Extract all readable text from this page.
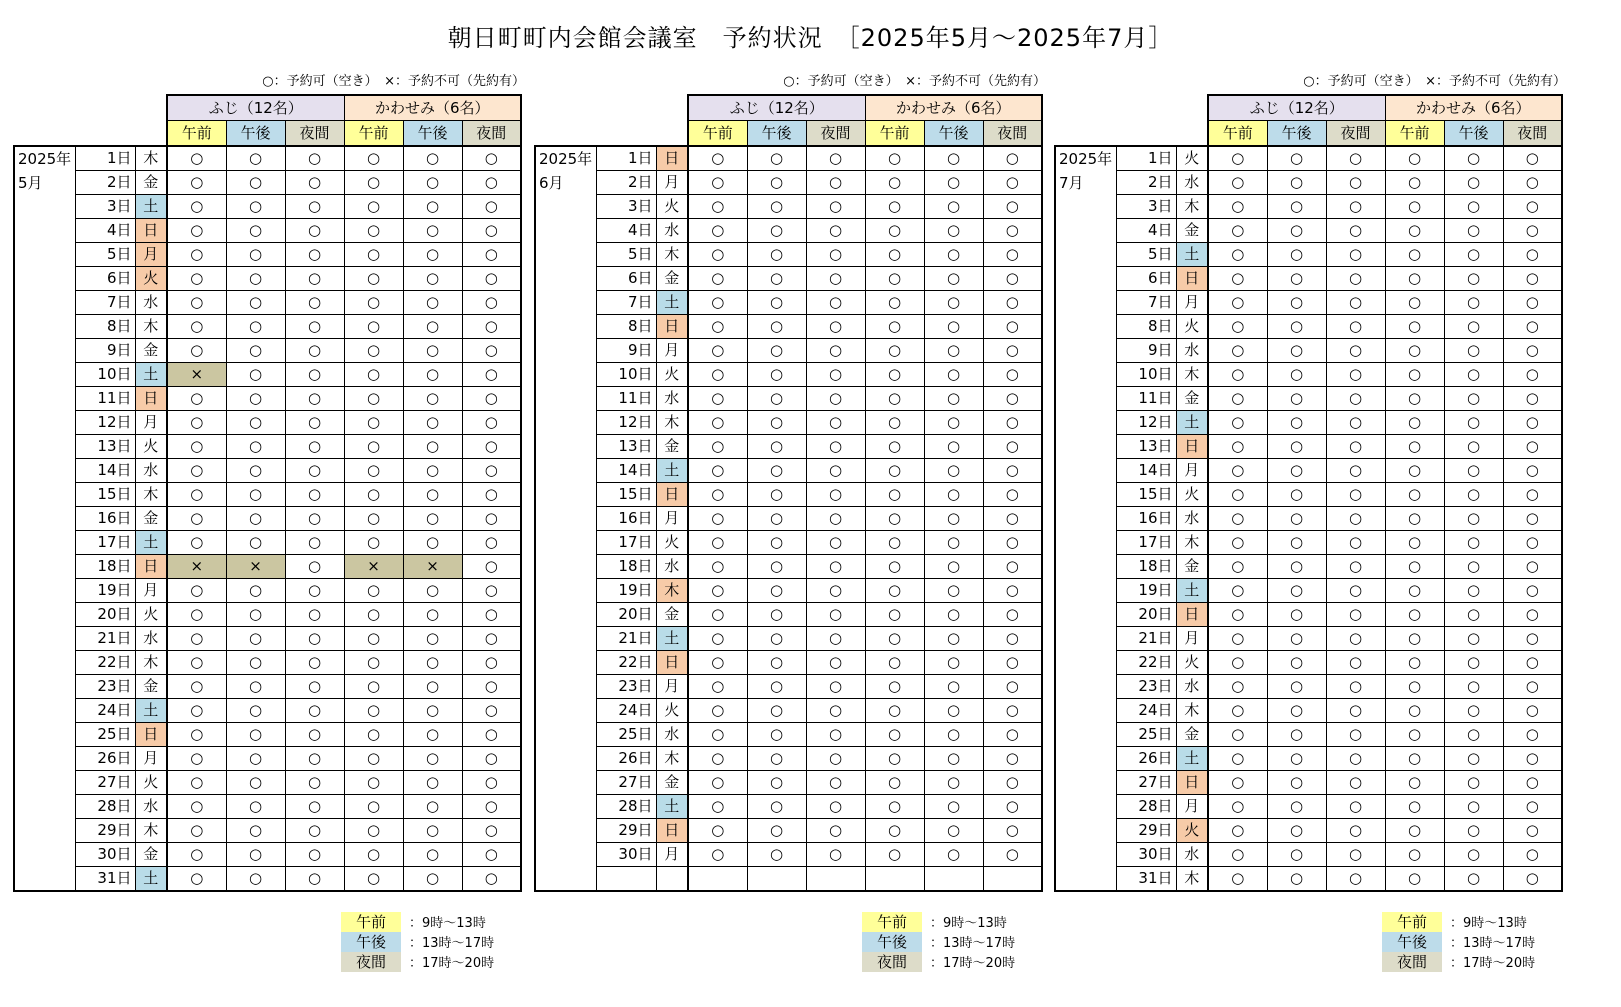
朝日町町内会館会議室　予約状況　［2025年5月～2025年7月］
○：予約可（空き）　×：予約不可（先約有）
			ふじ（12名）			かわせみ（6名）		
			午前	午後	夜間	午前	午後	夜間

2025年
5月	1日	木	○	○	○	○	○	○
	2日	金	○	○	○	○	○	○
	3日	土	○	○	○	○	○	○
	4日	日	○	○	○	○	○	○
	5日	月	○	○	○	○	○	○
	6日	火	○	○	○	○	○	○
	7日	水	○	○	○	○	○	○
	8日	木	○	○	○	○	○	○
	9日	金	○	○	○	○	○	○
	10日	土	×	○	○	○	○	○
	11日	日	○	○	○	○	○	○
	12日	月	○	○	○	○	○	○
	13日	火	○	○	○	○	○	○
	14日	水	○	○	○	○	○	○
	15日	木	○	○	○	○	○	○
	16日	金	○	○	○	○	○	○
	17日	土	○	○	○	○	○	○
	18日	日	×	×	○	×	×	○
	19日	月	○	○	○	○	○	○
	20日	火	○	○	○	○	○	○
	21日	水	○	○	○	○	○	○
	22日	木	○	○	○	○	○	○
	23日	金	○	○	○	○	○	○
	24日	土	○	○	○	○	○	○
	25日	日	○	○	○	○	○	○
	26日	月	○	○	○	○	○	○
	27日	火	○	○	○	○	○	○
	28日	水	○	○	○	○	○	○
	29日	木	○	○	○	○	○	○
	30日	金	○	○	○	○	○	○
	31日	土	○	○	○	○	○	○
午前 ：9時～13時
午後 ：13時～17時
夜間 ：17時～20時
○：予約可（空き）　×：予約不可（先約有）
			ふじ（12名）			かわせみ（6名）		
			午前	午後	夜間	午前	午後	夜間

2025年
6月	1日	日	○	○	○	○	○	○
	2日	月	○	○	○	○	○	○
	3日	火	○	○	○	○	○	○
	4日	水	○	○	○	○	○	○
	5日	木	○	○	○	○	○	○
	6日	金	○	○	○	○	○	○
	7日	土	○	○	○	○	○	○
	8日	日	○	○	○	○	○	○
	9日	月	○	○	○	○	○	○
	10日	火	○	○	○	○	○	○
	11日	水	○	○	○	○	○	○
	12日	木	○	○	○	○	○	○
	13日	金	○	○	○	○	○	○
	14日	土	○	○	○	○	○	○
	15日	日	○	○	○	○	○	○
	16日	月	○	○	○	○	○	○
	17日	火	○	○	○	○	○	○
	18日	水	○	○	○	○	○	○
	19日	木	○	○	○	○	○	○
	20日	金	○	○	○	○	○	○
	21日	土	○	○	○	○	○	○
	22日	日	○	○	○	○	○	○
	23日	月	○	○	○	○	○	○
	24日	火	○	○	○	○	○	○
	25日	水	○	○	○	○	○	○
	26日	木	○	○	○	○	○	○
	27日	金	○	○	○	○	○	○
	28日	土	○	○	○	○	○	○
	29日	日	○	○	○	○	○	○
	30日	月	○	○	○	○	○	○

午前 ：9時～13時
午後 ：13時～17時
夜間 ：17時～20時
○：予約可（空き）　×：予約不可（先約有）
			ふじ（12名）			かわせみ（6名）		
			午前	午後	夜間	午前	午後	夜間

2025年
7月	1日	火	○	○	○	○	○	○
	2日	水	○	○	○	○	○	○
	3日	木	○	○	○	○	○	○
	4日	金	○	○	○	○	○	○
	5日	土	○	○	○	○	○	○
	6日	日	○	○	○	○	○	○
	7日	月	○	○	○	○	○	○
	8日	火	○	○	○	○	○	○
	9日	水	○	○	○	○	○	○
	10日	木	○	○	○	○	○	○
	11日	金	○	○	○	○	○	○
	12日	土	○	○	○	○	○	○
	13日	日	○	○	○	○	○	○
	14日	月	○	○	○	○	○	○
	15日	火	○	○	○	○	○	○
	16日	水	○	○	○	○	○	○
	17日	木	○	○	○	○	○	○
	18日	金	○	○	○	○	○	○
	19日	土	○	○	○	○	○	○
	20日	日	○	○	○	○	○	○
	21日	月	○	○	○	○	○	○
	22日	火	○	○	○	○	○	○
	23日	水	○	○	○	○	○	○
	24日	木	○	○	○	○	○	○
	25日	金	○	○	○	○	○	○
	26日	土	○	○	○	○	○	○
	27日	日	○	○	○	○	○	○
	28日	月	○	○	○	○	○	○
	29日	火	○	○	○	○	○	○
	30日	水	○	○	○	○	○	○
	31日	木	○	○	○	○	○	○
午前 ：9時～13時
午後 ：13時～17時
夜間 ：17時～20時
